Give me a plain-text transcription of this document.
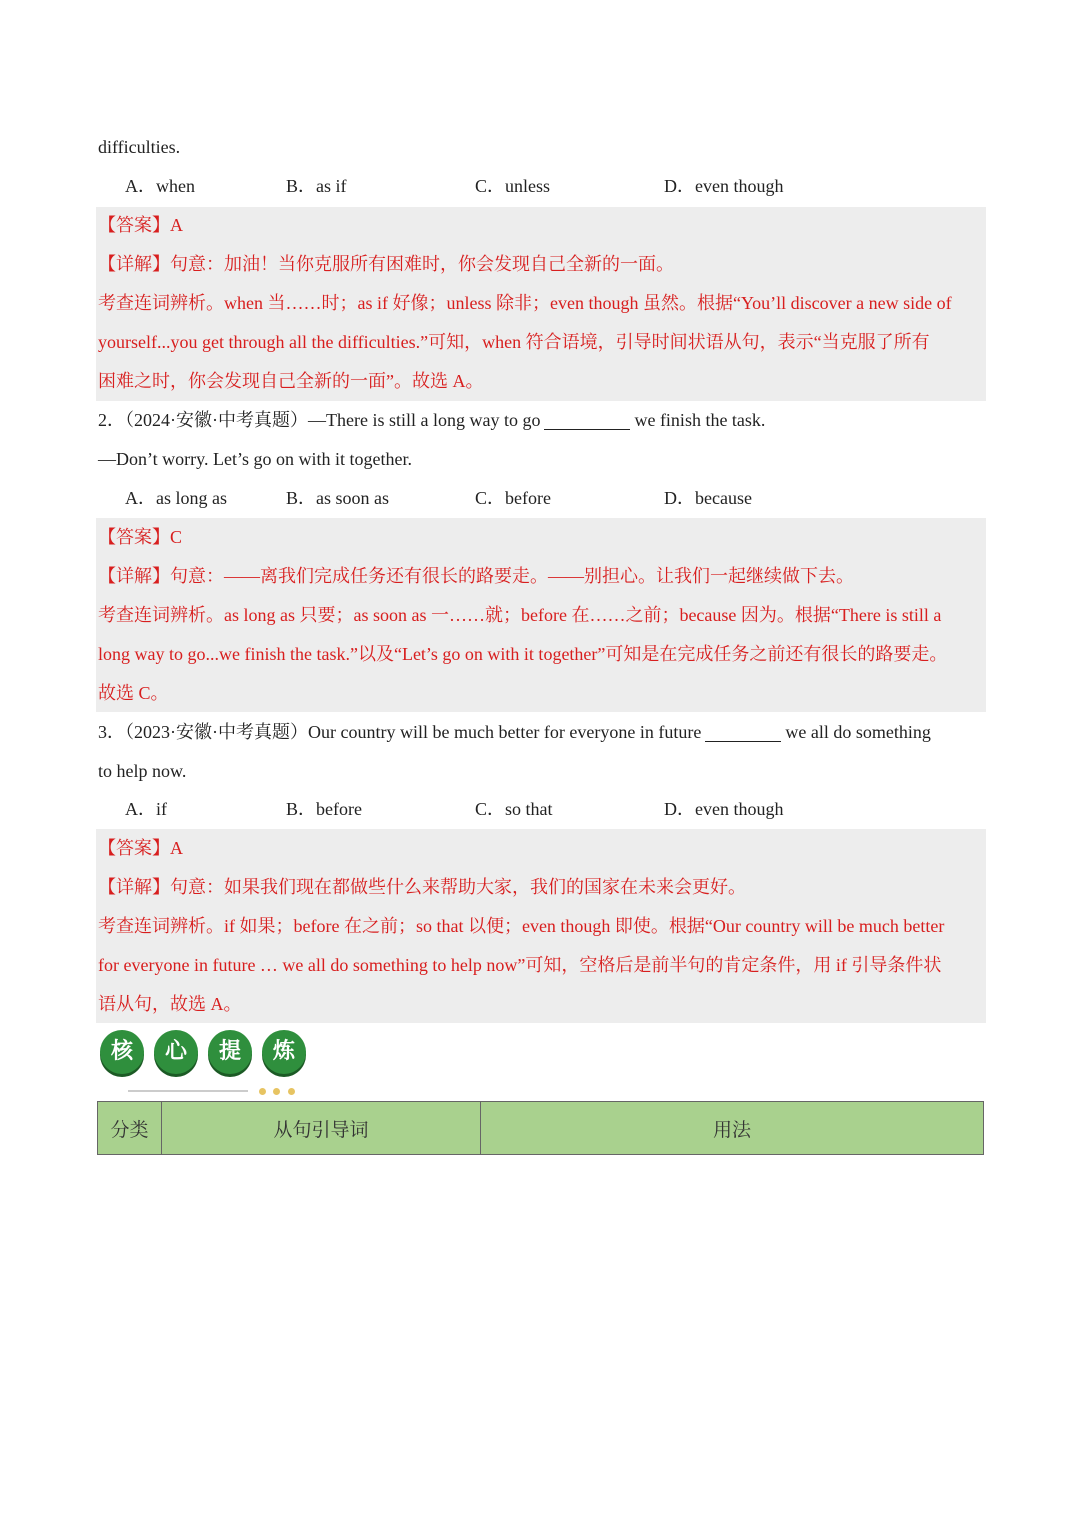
difficulties.
A．when	B．as if	C．unless	D．even though
【答案】A
【详解】句意：加油！当你克服所有困难时，你会发现自己全新的一面。
考查连词辨析。when 当……时；as if 好像；unless 除非；even though 虽然。根据“You’ll discover a new side of
yourself...you get through all the difficulties.”可知，when 符合语境，引导时间状语从句，表示“当克服了所有
困难之时，你会发现自己全新的一面”。故选 A。
2．（2024·安徽·中考真题）—There is still a long way to go	we finish the task.
—Don’t worry. Let’s go on with it together.
A．as long as	B．as soon as	C．before	D．because
【答案】C
【详解】句意：——离我们完成任务还有很长的路要走。——别担心。让我们一起继续做下去。
考查连词辨析。as long as 只要；as soon as 一……就；before 在……之前；because 因为。根据“There is still a
long way to go...we finish the task.”以及“Let’s go on with it together”可知是在完成任务之前还有很长的路要走。
故选 C。
3．（2023·安徽·中考真题）Our country will be much better for everyone in future	we all do something
to help now.
A．if	B．before	C．so that	D．even though
【答案】A
【详解】句意：如果我们现在都做些什么来帮助大家，我们的国家在未来会更好。
考查连词辨析。if 如果；before 在之前；so that 以便；even though 即使。根据“Our country will be much better
for everyone in future … we all do something to help now”可知，空格后是前半句的肯定条件，用 if 引导条件状
语从句，故选 A。
核	心	提	炼
分类	从句引导词	用法
